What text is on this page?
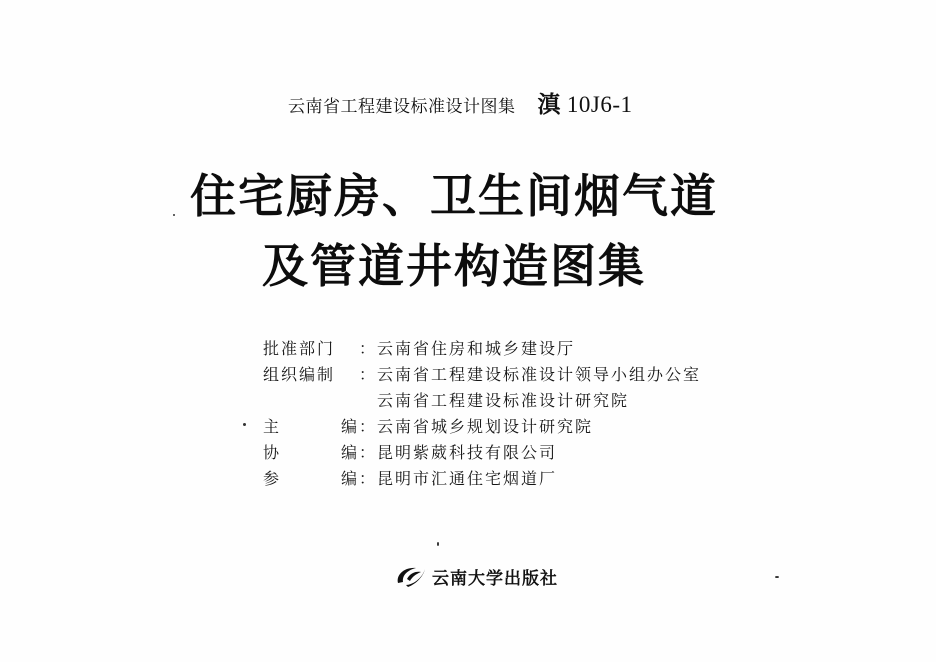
云南省工程建设标准设计图集 滇 10J6-1
住宅厨房、卫生间烟气道
及管道井构造图集
批准部门	： 云南省住房和城乡建设厅
组织编制	： 云南省工程建设标准设计领导小组办公室
云南省工程建设标准设计研究院
主	编 ： 云南省城乡规划设计研究院
协	编 ： 昆明紫葳科技有限公司
参	编 ： 昆明市汇通住宅烟道厂
云南大学出版社
